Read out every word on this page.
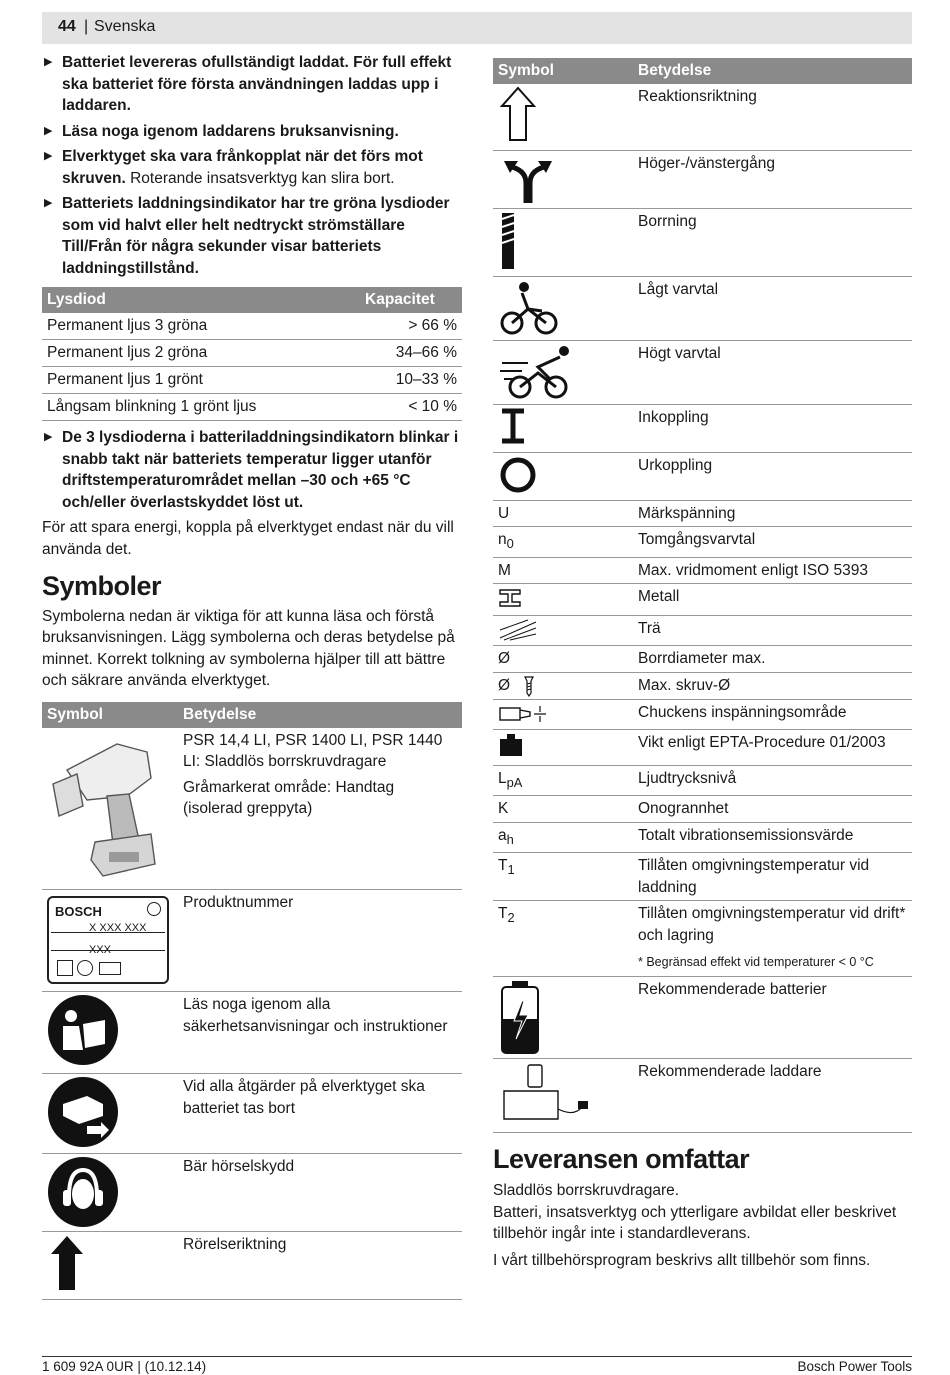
44 | Svenska
▶ Batteriet levereras ofullständigt laddat. För full effekt ska batteriet före första användningen laddas upp i laddaren.
▶ Läsa noga igenom laddarens bruksanvisning.
▶ Elverktyget ska vara frånkopplat när det förs mot skruven. Roterande insatsverktyg kan slira bort.
▶ Batteriets laddningsindikator har tre gröna lysdioder som vid halvt eller helt nedtryckt strömställare Till/Från för några sekunder visar batteriets laddningstillstånd.
Lysdiod	Kapacitet
Permanent ljus 3 gröna	> 66 %
Permanent ljus 2 gröna	34–66 %
Permanent ljus 1 grönt	10–33 %
Långsam blinkning 1 grönt ljus	< 10 %
▶ De 3 lysdioderna i batteriladdningsindikatorn blinkar i snabb takt när batteriets temperatur ligger utanför driftstemperaturområdet mellan –30 och +65 °C och/eller överlastskyddet löst ut.

För att spara energi, koppla på elverktyget endast när du vill använda det.

Symboler

Symbolerna nedan är viktiga för att kunna läsa och förstå bruksanvisningen. Lägg symbolerna och deras betydelse på minnet. Korrekt tolkning av symbolerna hjälper till att bättre och säkrare använda elverktyget.

Symbol	Betydelse

PSR 14,4 LI, PSR 1400 LI, PSR 1440 LI: Sladdlös borrskruvdragare
Gråmarkerat område: Handtag (isolerad greppyta)

BOSCH
X XXX XXX XXX	Produktnummer

	Läs noga igenom alla säkerhetsanvisningar och instruktioner

	Vid alla åtgärder på elverktyget ska batteriet tas bort

	Bär hörselskydd

	Rörelseriktning
Symbol	Betydelse

	Reaktionsriktning

	Höger-/vänstergång

	Borrning

	Lågt varvtal

	Högt varvtal

	Inkoppling

	Urkoppling
U	Märkspänning
$n_0$	Tomgångsvarvtal
M	Max. vridmoment enligt ISO 5393

	Metall

	Trä
Ø	Borrdiameter max.
Ø	Max. skruv-Ø

	Chuckens inspänningsområde

	Vikt enligt EPTA-Procedure 01/2003
$L_{pA}$	Ljudtrycksnivå
K	Onogrannhet
$a_h$	Totalt vibrationsemissionsvärde
$T_1$	Tillåten omgivningstemperatur vid laddning
$T_2$	Tillåten omgivningstemperatur vid drift* och lagring
* Begränsad effekt vid temperaturer < 0 °C

	Rekommenderade batterier

	Rekommenderade laddare
Leveransen omfattar

Sladdlös borrskruvdragare.

Batteri, insatsverktyg och ytterligare avbildat eller beskrivet tillbehör ingår inte i standardleverans.

I vårt tillbehörsprogram beskrivs allt tillbehör som finns.

1 609 92A 0UR | (10.12.14)	Bosch Power Tools
